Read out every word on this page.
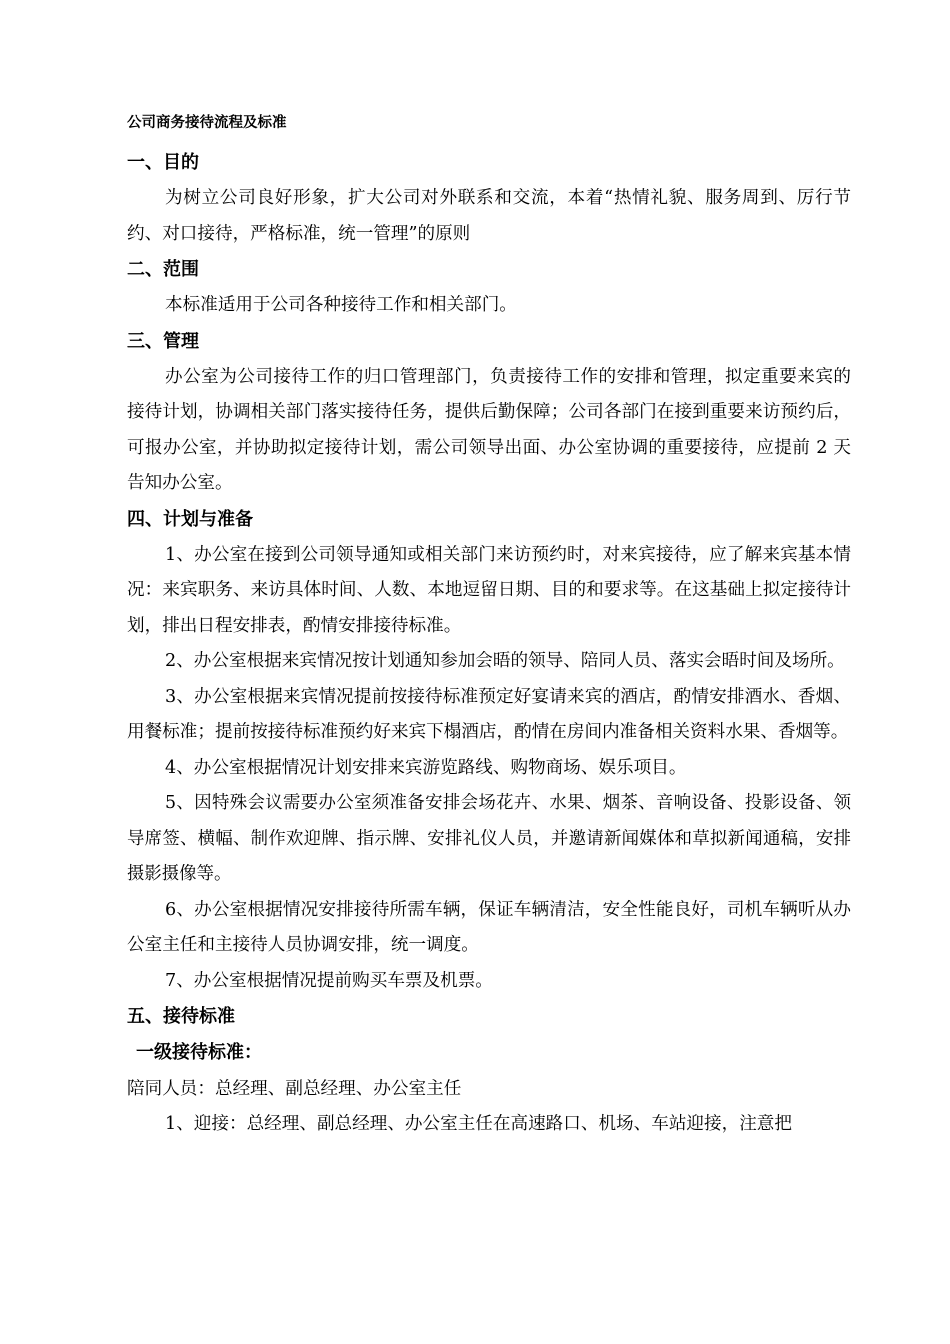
公司商务接待流程及标准

一、目的

为树立公司良好形象，扩大公司对外联系和交流，本着“热情礼貌、服务周到、厉行节约、对口接待，严格标准，统一管理”的原则

二、范围

本标准适用于公司各种接待工作和相关部门。

三、管理

办公室为公司接待工作的归口管理部门，负责接待工作的安排和管理，拟定重要来宾的接待计划，协调相关部门落实接待任务，提供后勤保障；公司各部门在接到重要来访预约后，可报办公室，并协助拟定接待计划，需公司领导出面、办公室协调的重要接待，应提前 2 天告知办公室。

四、计划与准备

1、办公室在接到公司领导通知或相关部门来访预约时，对来宾接待，应了解来宾基本情况：来宾职务、来访具体时间、人数、本地逗留日期、目的和要求等。在这基础上拟定接待计划，排出日程安排表，酌情安排接待标准。

2、办公室根据来宾情况按计划通知参加会晤的领导、陪同人员、落实会晤时间及场所。

3、办公室根据来宾情况提前按接待标准预定好宴请来宾的酒店，酌情安排酒水、香烟、用餐标准；提前按接待标准预约好来宾下榻酒店，酌情在房间内准备相关资料水果、香烟等。

4、办公室根据情况计划安排来宾游览路线、购物商场、娱乐项目。

5、因特殊会议需要办公室须准备安排会场花卉、水果、烟茶、音响设备、投影设备、领导席签、横幅、制作欢迎牌、指示牌、安排礼仪人员，并邀请新闻媒体和草拟新闻通稿，安排摄影摄像等。

6、办公室根据情况安排接待所需车辆，保证车辆清洁，安全性能良好，司机车辆听从办公室主任和主接待人员协调安排，统一调度。

7、办公室根据情况提前购买车票及机票。

五、接待标准

一级接待标准：

陪同人员：总经理、副总经理、办公室主任

1、迎接：总经理、副总经理、办公室主任在高速路口、机场、车站迎接，注意把
